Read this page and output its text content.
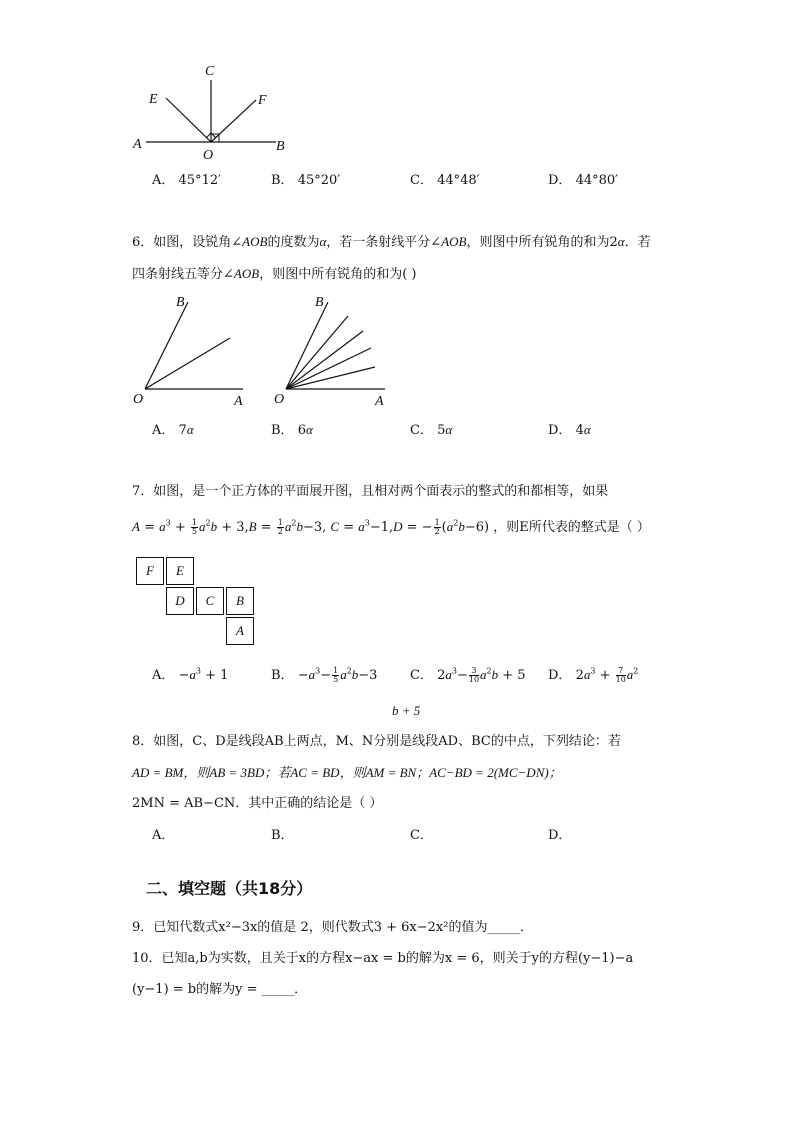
C
E	F
A	B
O
A． 45°12′	B． 45°20′	C． 44°48′	D． 44°80′
6．如图，设锐角∠AOB的度数为α，若一条射线平分∠AOB，则图中所有锐角的和为2α．若
四条射线五等分∠AOB，则图中所有锐角的和为( )
B
O	A
B
O	A
A． 7α	B． 6α	C． 5α	D． 4α
7．如图，是一个正方体的平面展开图，且相对两个面表示的整式的和都相等，如果
$A = a^3 + \frac{1}{5} a^2b + 3,B = \frac{1}{2} a^2b-3$, $C = a^3-1,D$ = − $\frac{1}{2} (a^2b-6)$ ，则E所代表的整式是（ ）
F	E
D	C	B
A
A． $-a^3 + 1$	B． $-a^3- \frac{1}{5} a^2b-3$	C． $2a^3- \frac{3}{10} a^2b + 5$ D． $2a^3 + \frac{7}{10} a^2$
b + 5
8．如图，C、D是线段AB上两点，M、N分别是线段AD、BC的中点，下列结论：若
AD = BM，则AB = 3BD；若AC = BD，则AM = BN；AC−BD = 2(MC−DN)；
2MN = AB−CN．其中正确的结论是（ ）
A．	B．	C．	D．
二、填空题（共18分）
9．已知代数式x²−3x的值是 2，则代数式3 + 6x−2x²的值为_____．
10．已知a,b为实数，且关于x的方程x−ax = b的解为x = 6，则关于y的方程(y−1)−a
(y−1) = b的解为y = _____．
